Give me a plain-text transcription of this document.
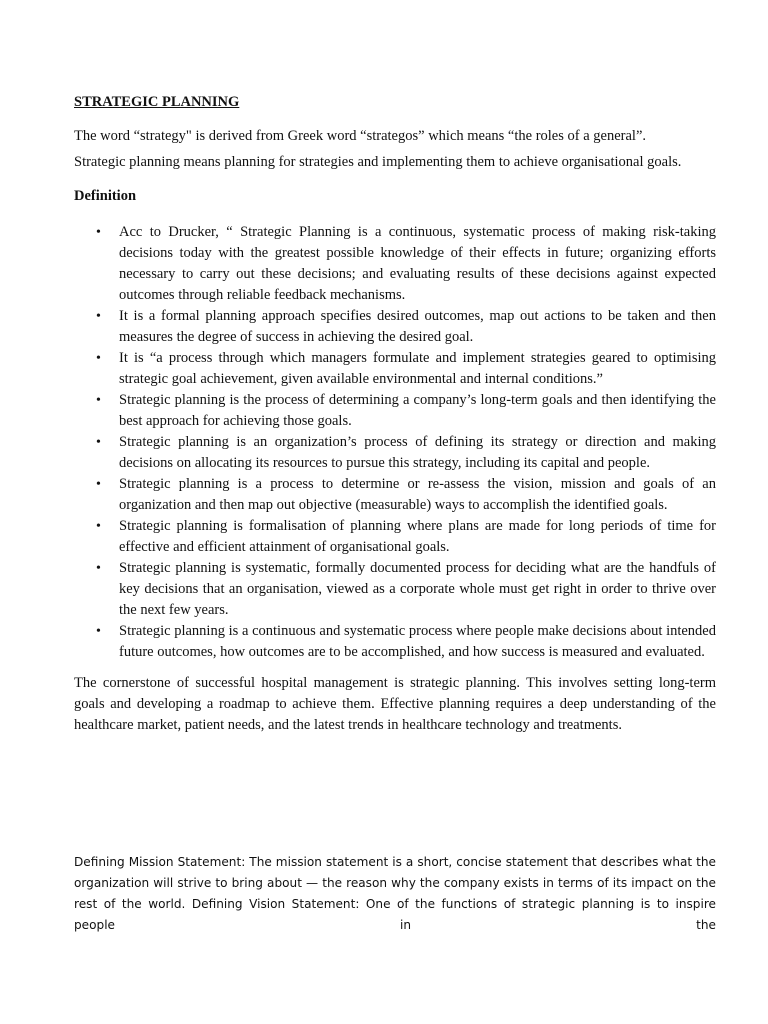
STRATEGIC PLANNING

The word “strategy" is derived from Greek word “strategos” which means “the roles of a general”.

Strategic planning means planning for strategies and implementing them to achieve organisational goals.

Definition
• Acc to Drucker, “ Strategic Planning is a continuous, systematic process of making risk-taking decisions today with the greatest possible knowledge of their effects in future; organizing efforts necessary to carry out these decisions; and evaluating results of these decisions against expected outcomes through reliable feedback mechanisms.
• It is a formal planning approach specifies desired outcomes, map out actions to be taken and then measures the degree of success in achieving the desired goal.
• It is “a process through which managers formulate and implement strategies geared to optimising strategic goal achievement, given available environmental and internal conditions.”
• Strategic planning is the process of determining a company’s long-term goals and then identifying the best approach for achieving those goals.
• Strategic planning is an organization’s process of defining its strategy or direction and making decisions on allocating its resources to pursue this strategy, including its capital and people.
• Strategic planning is a process to determine or re-assess the vision, mission and goals of an organization and then map out objective (measurable) ways to accomplish the identified goals.
• Strategic planning is formalisation of planning where plans are made for long periods of time for effective and efficient attainment of organisational goals.
• Strategic planning is systematic, formally documented process for deciding what are the handfuls of key decisions that an organisation, viewed as a corporate whole must get right in order to thrive over the next few years.
• Strategic planning is a continuous and systematic process where people make decisions about intended future outcomes, how outcomes are to be accomplished, and how success is measured and evaluated.

The cornerstone of successful hospital management is strategic planning. This involves setting long-term goals and developing a roadmap to achieve them. Effective planning requires a deep understanding of the healthcare market, patient needs, and the latest trends in healthcare technology and treatments.

Defining Mission Statement: The mission statement is a short, concise statement that describes what the organization will strive to bring about — the reason why the company exists in terms of its impact on the rest of the world. Defining Vision Statement: One of the functions of strategic planning is to inspire people in the
